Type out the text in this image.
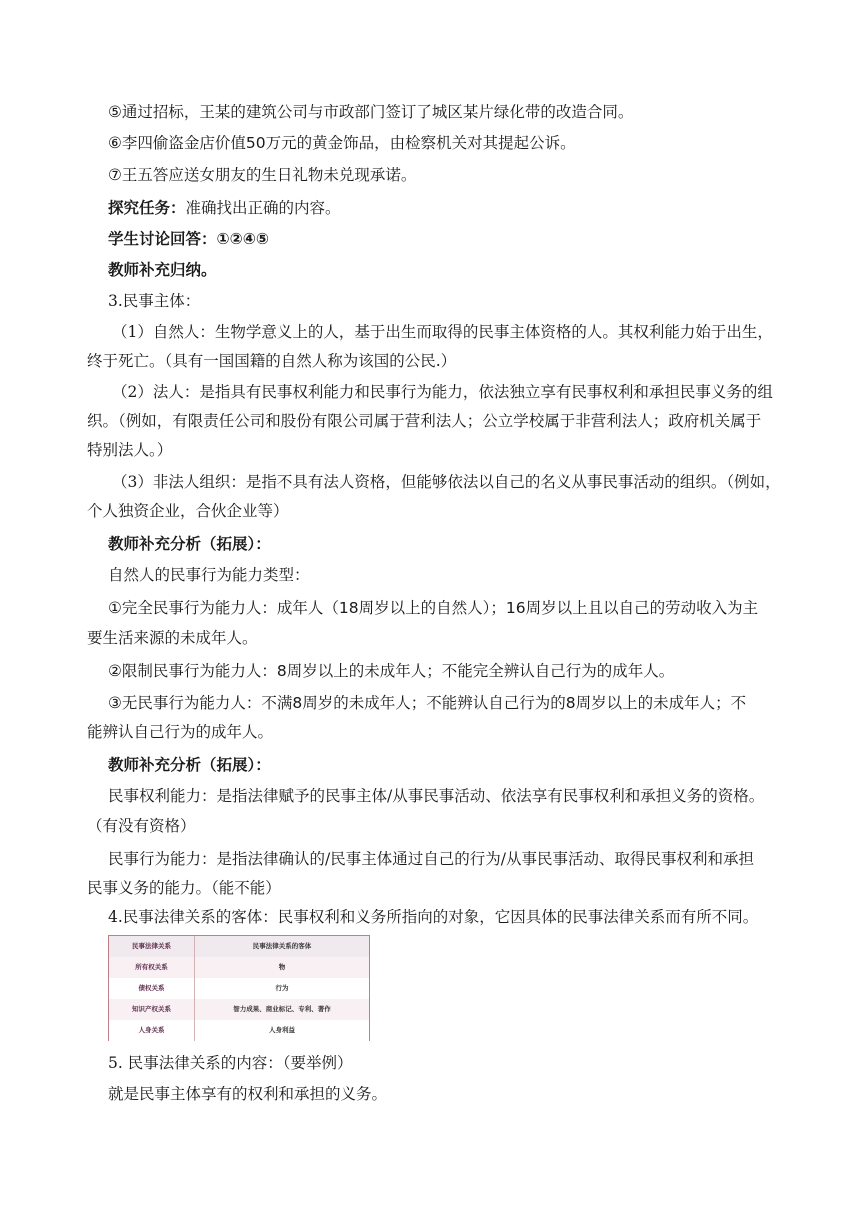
⑤通过招标，王某的建筑公司与市政部门签订了城区某片绿化带的改造合同。
⑥李四偷盗金店价值50万元的黄金饰品，由检察机关对其提起公诉。
⑦王五答应送女朋友的生日礼物未兑现承诺。
探究任务：准确找出正确的内容。
学生讨论回答：①②④⑤
教师补充归纳。
3.民事主体：
（1）自然人：生物学意义上的人，基于出生而取得的民事主体资格的人。其权利能力始于出生，
终于死亡。（具有一国国籍的自然人称为该国的公民.）
（2）法人：是指具有民事权利能力和民事行为能力，依法独立享有民事权利和承担民事义务的组
织。（例如，有限责任公司和股份有限公司属于营利法人；公立学校属于非营利法人；政府机关属于
特别法人。）
（3）非法人组织：是指不具有法人资格，但能够依法以自己的名义从事民事活动的组织。（例如，
个人独资企业，合伙企业等）
教师补充分析（拓展）：
自然人的民事行为能力类型：
①完全民事行为能力人：成年人（18周岁以上的自然人）；16周岁以上且以自己的劳动收入为主
要生活来源的未成年人。
②限制民事行为能力人：8周岁以上的未成年人；不能完全辨认自己行为的成年人。
③无民事行为能力人：不满8周岁的未成年人；不能辨认自己行为的8周岁以上的未成年人；不
能辨认自己行为的成年人。
教师补充分析（拓展）：
民事权利能力：是指法律赋予的民事主体/从事民事活动、依法享有民事权利和承担义务的资格。
（有没有资格）
民事行为能力：是指法律确认的/民事主体通过自己的行为/从事民事活动、取得民事权利和承担
民事义务的能力。（能不能）
4.民事法律关系的客体：民事权利和义务所指向的对象，它因具体的民事法律关系而有所不同。
民事法律关系	民事法律关系的客体
所有权关系	物
债权关系	行为
知识产权关系	智力成果、商业标记、专利、著作
人身关系	人身利益
5. 民事法律关系的内容：（要举例）
就是民事主体享有的权利和承担的义务。
